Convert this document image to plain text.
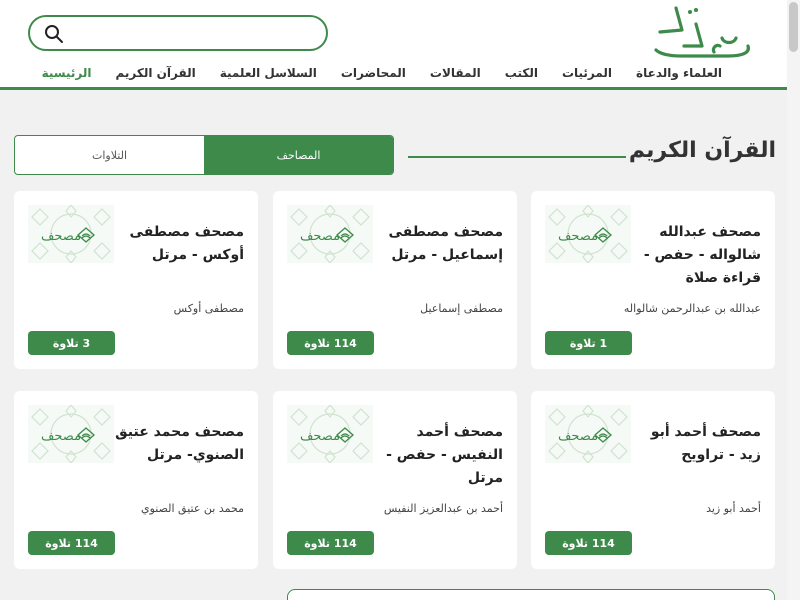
الرئيسية القرآن الكريم السلاسل العلمية المحاضرات المقالات الكتب المرئيات العلماء والدعاة
القرآن الكريم
المصاحف
التلاوات
مصحف عبدالله شالواله - حفص - قراءة صلاة
مصحف
عبدالله بن عبدالرحمن شالواله
1 تلاوة
مصحف مصطفى إسماعيل - مرتل
مصحف
مصطفى إسماعيل
114 تلاوة
مصحف مصطفى أوكس - مرتل
مصحف
مصطفى أوكس
3 تلاوة
مصحف أحمد أبو زيد - تراويح
مصحف
أحمد أبو زيد
114 تلاوة
مصحف أحمد النفيس - حفص - مرتل
مصحف
أحمد بن عبدالعزيز النفيس
114 تلاوة
مصحف محمد عتيق الصنوي- مرتل
مصحف
محمد بن عتيق الصنوي
114 تلاوة
